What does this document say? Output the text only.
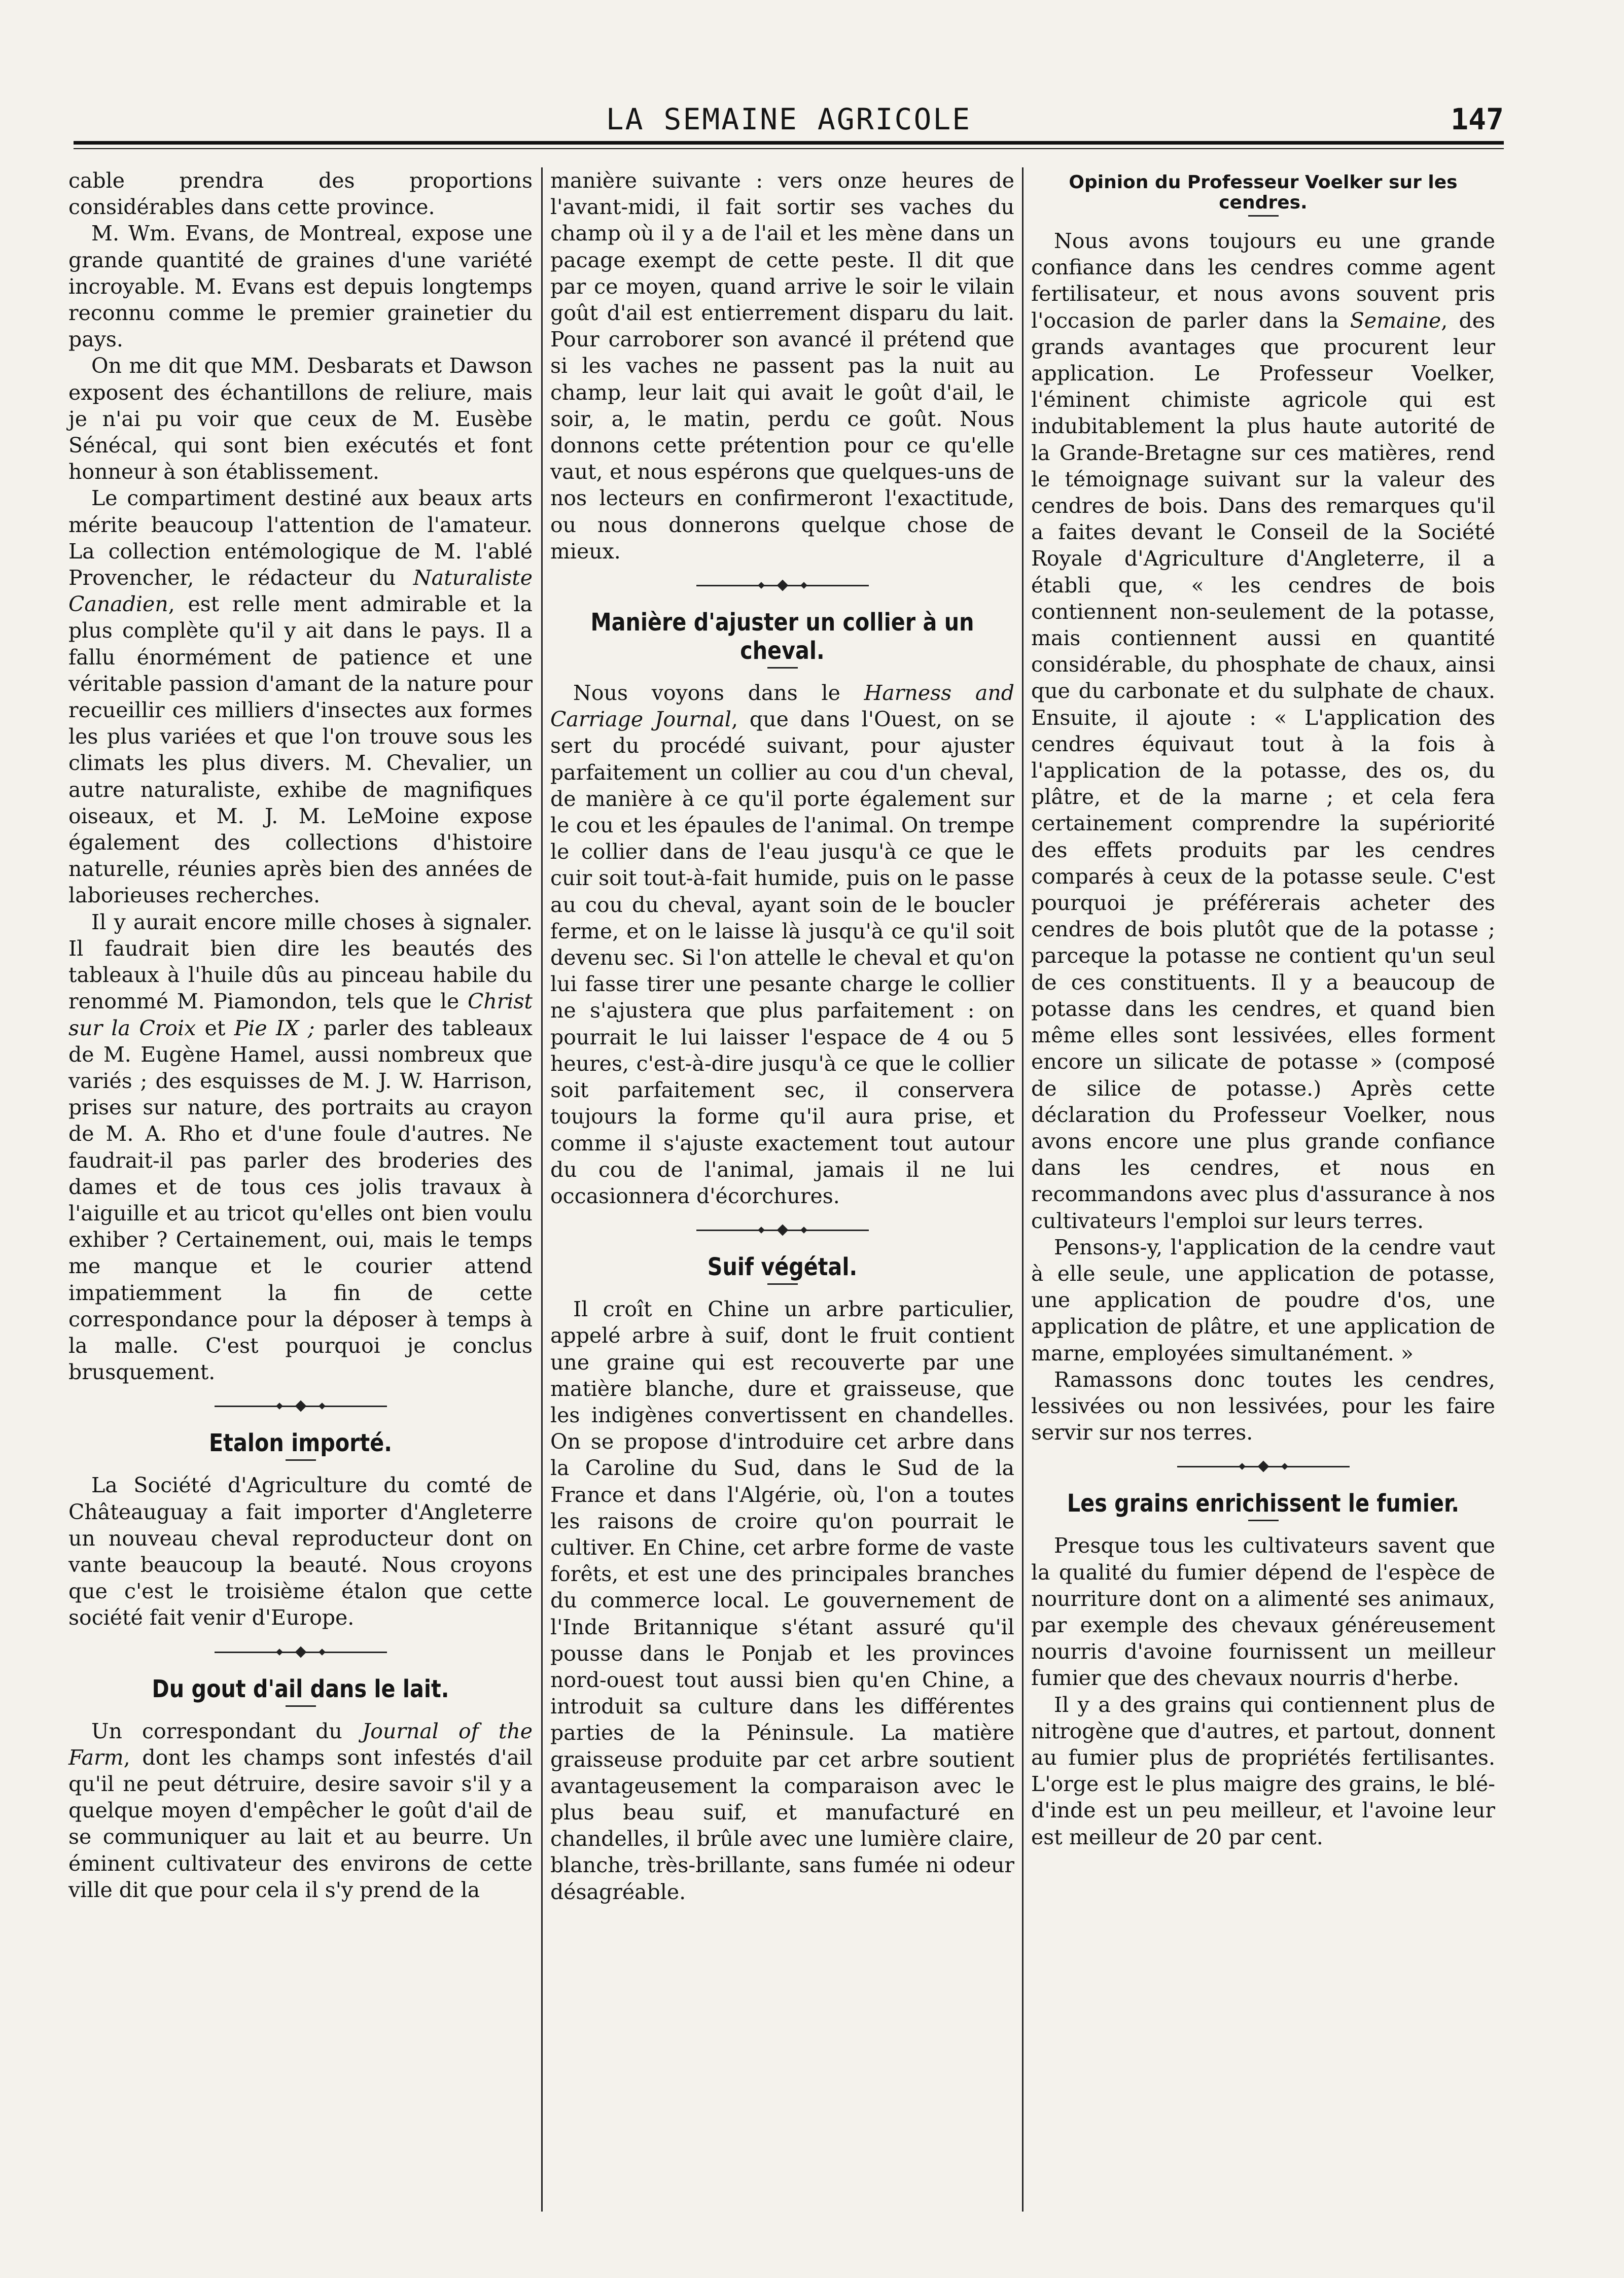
LA SEMAINE AGRICOLE	147

cable prendra des proportions considérables dans cette province.

M. Wm. Evans, de Montreal, expose une grande quantité de graines d'une variété incroyable. M. Evans est depuis longtemps reconnu comme le premier grainetier du pays.

On me dit que MM. Desbarats et Dawson exposent des échantillons de reliure, mais je n'ai pu voir que ceux de M. Eusèbe Sénécal, qui sont bien exécutés et font honneur à son établissement.

Le compartiment destiné aux beaux arts mérite beaucoup l'attention de l'amateur. La collection entémologique de M. l'ablé Provencher, le rédacteur du Naturaliste Canadien, est relle ment admirable et la plus complète qu'il y ait dans le pays. Il a fallu énormément de patience et une véritable passion d'amant de la nature pour recueillir ces milliers d'insectes aux formes les plus variées et que l'on trouve sous les climats les plus divers. M. Chevalier, un autre naturaliste, exhibe de magnifiques oiseaux, et M. J. M. LeMoine expose également des collections d'histoire naturelle, réunies après bien des années de laborieuses recherches.

Il y aurait encore mille choses à signaler. Il faudrait bien dire les beautés des tableaux à l'huile dûs au pinceau habile du renommé M. Piamondon, tels que le Christ sur la Croix et Pie IX ; parler des tableaux de M. Eugène Hamel, aussi nombreux que variés ; des esquisses de M. J. W. Harrison, prises sur nature, des portraits au crayon de M. A. Rho et d'une foule d'autres. Ne faudrait-il pas parler des broderies des dames et de tous ces jolis travaux à l'aiguille et au tricot qu'elles ont bien voulu exhiber ? Certainement, oui, mais le temps me manque et le courier attend impatiemment la fin de cette correspondance pour la déposer à temps à la malle. C'est pourquoi je conclus brusquement.

Etalon importé.

La Société d'Agriculture du comté de Châteauguay a fait importer d'Angleterre un nouveau cheval reproducteur dont on vante beaucoup la beauté. Nous croyons que c'est le troisième étalon que cette société fait venir d'Europe.

Du gout d'ail dans le lait.

Un correspondant du Journal of the Farm, dont les champs sont infestés d'ail qu'il ne peut détruire, desire savoir s'il y a quelque moyen d'empêcher le goût d'ail de se communiquer au lait et au beurre. Un éminent cultivateur des environs de cette ville dit que pour cela il s'y prend de la

manière suivante : vers onze heures de l'avant-midi, il fait sortir ses vaches du champ où il y a de l'ail et les mène dans un pacage exempt de cette peste. Il dit que par ce moyen, quand arrive le soir le vilain goût d'ail est entierrement disparu du lait. Pour carroborer son avancé il prétend que si les vaches ne passent pas la nuit au champ, leur lait qui avait le goût d'ail, le soir, a, le matin, perdu ce goût. Nous donnons cette prétention pour ce qu'elle vaut, et nous espérons que quelques-uns de nos lecteurs en confirmeront l'exactitude, ou nous donnerons quelque chose de mieux.

Manière d'ajuster un collier à un cheval.

Nous voyons dans le Harness and Carriage Journal, que dans l'Ouest, on se sert du procédé suivant, pour ajuster parfaitement un collier au cou d'un cheval, de manière à ce qu'il porte également sur le cou et les épaules de l'animal. On trempe le collier dans de l'eau jusqu'à ce que le cuir soit tout-à-fait humide, puis on le passe au cou du cheval, ayant soin de le boucler ferme, et on le laisse là jusqu'à ce qu'il soit devenu sec. Si l'on attelle le cheval et qu'on lui fasse tirer une pesante charge le collier ne s'ajustera que plus parfaitement : on pourrait le lui laisser l'espace de 4 ou 5 heures, c'est-à-dire jusqu'à ce que le collier soit parfaitement sec, il conservera toujours la forme qu'il aura prise, et comme il s'ajuste exactement tout autour du cou de l'animal, jamais il ne lui occasionnera d'écorchures.

Suif végétal.

Il croît en Chine un arbre particulier, appelé arbre à suif, dont le fruit contient une graine qui est recouverte par une matière blanche, dure et graisseuse, que les indigènes convertissent en chandelles. On se propose d'introduire cet arbre dans la Caroline du Sud, dans le Sud de la France et dans l'Algérie, où, l'on a toutes les raisons de croire qu'on pourrait le cultiver. En Chine, cet arbre forme de vaste forêts, et est une des principales branches du commerce local. Le gouvernement de l'Inde Britannique s'étant assuré qu'il pousse dans le Ponjab et les provinces nord-ouest tout aussi bien qu'en Chine, a introduit sa culture dans les différentes parties de la Péninsule. La matière graisseuse produite par cet arbre soutient avantageusement la comparaison avec le plus beau suif, et manufacturé en chandelles, il brûle avec une lumière claire, blanche, très-brillante, sans fumée ni odeur désagréable.

Opinion du Professeur Voelker sur les cendres.

Nous avons toujours eu une grande confiance dans les cendres comme agent fertilisateur, et nous avons souvent pris l'occasion de parler dans la Semaine, des grands avantages que procurent leur application. Le Professeur Voelker, l'éminent chimiste agricole qui est indubitablement la plus haute autorité de la Grande-Bretagne sur ces matières, rend le témoignage suivant sur la valeur des cendres de bois. Dans des remarques qu'il a faites devant le Conseil de la Société Royale d'Agriculture d'Angleterre, il a établi que, « les cendres de bois contiennent non-seulement de la potasse, mais contiennent aussi en quantité considérable, du phosphate de chaux, ainsi que du carbonate et du sulphate de chaux. Ensuite, il ajoute : « L'application des cendres équivaut tout à la fois à l'application de la potasse, des os, du plâtre, et de la marne ; et cela fera certainement comprendre la supériorité des effets produits par les cendres comparés à ceux de la potasse seule. C'est pourquoi je préférerais acheter des cendres de bois plutôt que de la potasse ; parceque la potasse ne contient qu'un seul de ces constituents. Il y a beaucoup de potasse dans les cendres, et quand bien même elles sont lessivées, elles forment encore un silicate de potasse » (composé de silice de potasse.) Après cette déclaration du Professeur Voelker, nous avons encore une plus grande confiance dans les cendres, et nous en recommandons avec plus d'assurance à nos cultivateurs l'emploi sur leurs terres.

Pensons-y, l'application de la cendre vaut à elle seule, une application de potasse, une application de poudre d'os, une application de plâtre, et une application de marne, employées simultanément. »

Ramassons donc toutes les cendres, lessivées ou non lessivées, pour les faire servir sur nos terres.

Les grains enrichissent le fumier.

Presque tous les cultivateurs savent que la qualité du fumier dépend de l'espèce de nourriture dont on a alimenté ses animaux, par exemple des chevaux généreusement nourris d'avoine fournissent un meilleur fumier que des chevaux nourris d'herbe.

Il y a des grains qui contiennent plus de nitrogène que d'autres, et partout, donnent au fumier plus de propriétés fertilisantes. L'orge est le plus maigre des grains, le blé-d'inde est un peu meilleur, et l'avoine leur est meilleur de 20 par cent.
